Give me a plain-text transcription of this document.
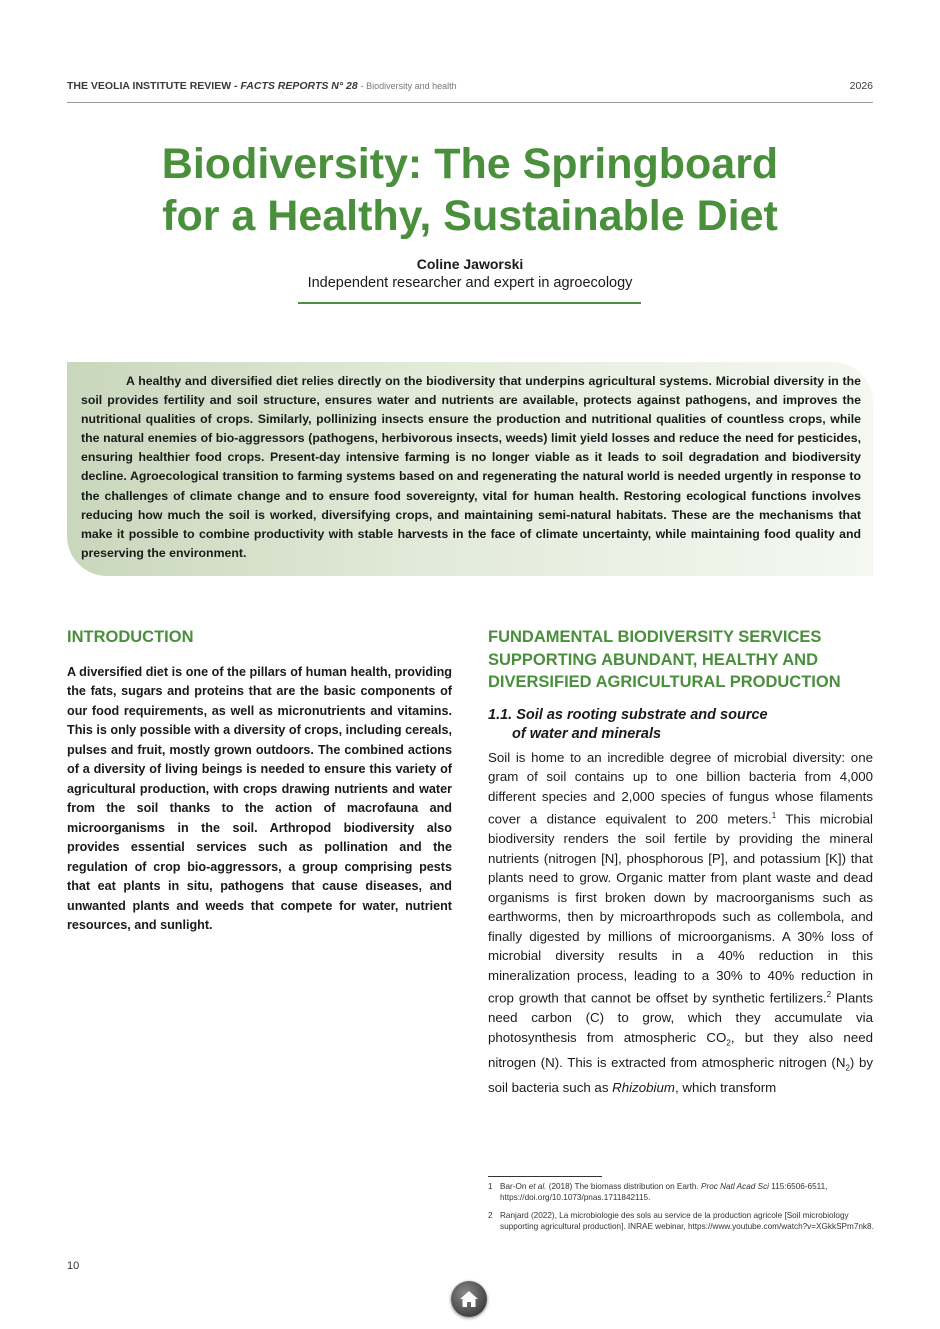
THE VEOLIA INSTITUTE REVIEW - FACTS REPORTS N° 28 - Biodiversity and health	2026
Biodiversity: The Springboard
for a Healthy, Sustainable Diet
Coline Jaworski
Independent researcher and expert in agroecology

A healthy and diversified diet relies directly on the biodiversity that underpins agricultural systems. Microbial diversity in the soil provides fertility and soil structure, ensures water and nutrients are available, protects against pathogens, and improves the nutritional qualities of crops. Similarly, pollinizing insects ensure the production and nutritional qualities of countless crops, while the natural enemies of bio-aggressors (pathogens, herbivorous insects, weeds) limit yield losses and reduce the need for pesticides, ensuring healthier food crops. Present-day intensive farming is no longer viable as it leads to soil degradation and biodiversity decline. Agroecological transition to farming systems based on and regenerating the natural world is needed urgently in response to the challenges of climate change and to ensure food sovereignty, vital for human health. Restoring ecological functions involves reducing how much the soil is worked, diversifying crops, and maintaining semi-natural habitats. These are the mechanisms that make it possible to combine productivity with stable harvests in the face of climate uncertainty, while maintaining food quality and preserving the environment.

INTRODUCTION

A diversified diet is one of the pillars of human health, providing the fats, sugars and proteins that are the basic components of our food requirements, as well as micronutrients and vitamins. This is only possible with a diversity of crops, including cereals, pulses and fruit, mostly grown outdoors. The combined actions of a diversity of living beings is needed to ensure this variety of agricultural production, with crops drawing nutrients and water from the soil thanks to the action of macrofauna and microorganisms in the soil. Arthropod biodiversity also provides essential services such as pollination and the regulation of crop bio-aggressors, a group comprising pests that eat plants in situ, pathogens that cause diseases, and unwanted plants and weeds that compete for water, nutrient resources, and sunlight.

FUNDAMENTAL BIODIVERSITY SERVICES SUPPORTING ABUNDANT, HEALTHY AND DIVERSIFIED AGRICULTURAL PRODUCTION
1.1. Soil as rooting substrate and source
of water and minerals

Soil is home to an incredible degree of microbial diversity: one gram of soil contains up to one billion bacteria from 4,000 different species and 2,000 species of fungus whose filaments cover a distance equivalent to 200 meters.$^1$ This microbial biodiversity renders the soil fertile by providing the mineral nutrients (nitrogen [N], phosphorous [P], and potassium [K]) that plants need to grow. Organic matter from plant waste and dead organisms is first broken down by macroorganisms such as earthworms, then by microarthropods such as collembola, and finally digested by millions of microorganisms. A 30% loss of microbial diversity results in a 40% reduction in this mineralization process, leading to a 30% to 40% reduction in crop growth that cannot be offset by synthetic fertilizers.$^2$ Plants need carbon (C) to grow, which they accumulate via photosynthesis from atmospheric $CO_2$, but they also need nitrogen (N). This is extracted from atmospheric nitrogen $(N_2)$ by soil bacteria such as Rhizobium, which transform

1 Bar-On et al. (2018) The biomass distribution on Earth. Proc Natl Acad Sci 115:6506-6511, https://doi.org/10.1073/pnas.1711842115.
2 Ranjard (2022), La microbiologie des sols au service de la production agricole [Soil microbiology supporting agricultural production]. INRAE webinar, https://www.youtube.com/watch?v=XGkkSPm7nk8.
10
